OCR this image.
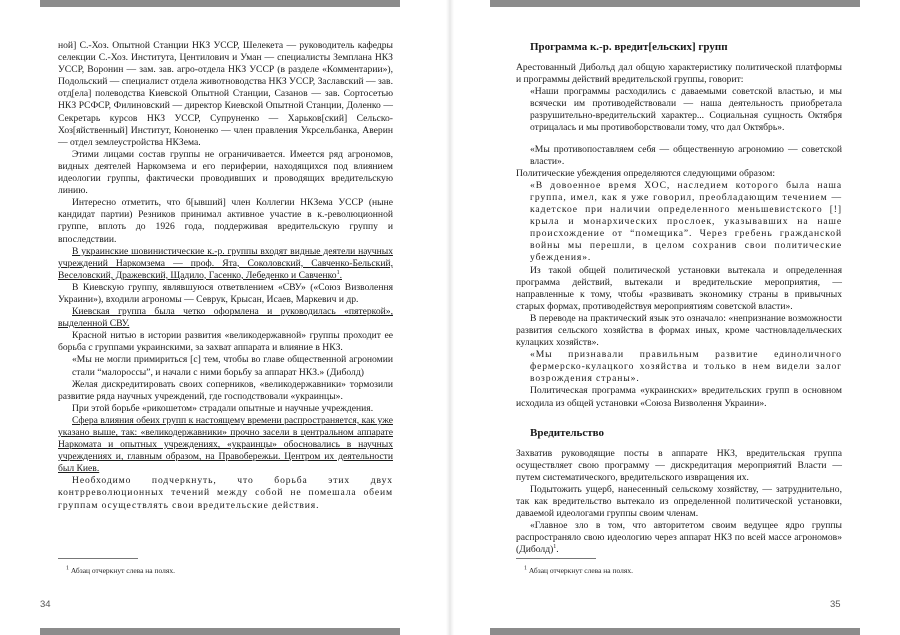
ной] С.-Хоз. Опытной Станции НКЗ УССР, Шелекета — руководитель кафедры селекции С.-Хоз. Института, Центилович и Уман — специалисты Земплана НКЗ УССР, Воронин — зам. зав. агро-отдела НКЗ УССР (в разделе «Комментарии»), Подольский — специалист отдела животноводства НКЗ УССР, Заславский — зав. отд[ела] полеводства Киевской Опытной Станции, Сазанов — зав. Сортосетью НКЗ РСФСР, Филиновский — директор Киевской Опытной Станции, Доленко — Секретарь курсов НКЗ УССР, Супруненко — Харьков[ский] Сельско-Хоз[яйственный] Институт, Кононенко — член правления Укрсельбанка, Аверин — отдел землеустройства НКЗема.

Этими лицами состав группы не ограничивается. Имеется ряд агрономов, видных деятелей Наркомзема и его периферии, находящихся под влиянием идеологии группы, фактически проводивших и проводящих вредительскую линию.

Интересно отметить, что б[ывший] член Коллегии НКЗема УССР (ныне кандидат партии) Резников принимал активное участие в к.-революционной группе, вплоть до 1926 года, поддерживая вредительскую группу и впоследствии.

В украинские шовинистические к.-р. группы входят видные деятели научных учреждений Наркомзема — проф. Ятa, Соколовский, Савченко-Бельский, Веселовский, Дражевский, Щадило, Гасенко, Лебеденко и Савченко$^1$.

В Киевскую группу, являвшуюся ответвлением «СВУ» («Союз Визволення Украини»), входили агрономы — Севрук, Крысан, Исаев, Маркевич и др.

Киевская группа была четко оформлена и руководилась «пятеркой», выделенной СВУ.

Красной нитью в истории развития «великодержавной» группы проходит ее борьба с группами украинскими, за захват аппарата и влияние в НКЗ.

«Мы не могли примириться [с] тем, чтобы во главе общественной агрономии стали “малороссы”, и начали с ними борьбу за аппарат НКЗ.» (Диболд)

Желая дискредитировать своих соперников, «великодержавники» тормозили развитие ряда научных учреждений, где господствовали «украинцы».

При этой борьбе «рикошетом» страдали опытные и научные учреждения.

Сфера влияния обеих групп к настоящему времени распространяется, как уже указано выше, так: «великодержавники» прочно засели в центральном аппарате Наркомата и опытных учреждениях, «украинцы» обосновались в научных учреждениях и, главным образом, на Правобережьи. Центром их деятельности был Киев.

Необходимо подчеркнуть, что борьба этих двух контрреволюционных течений между собой не помешала обеим группам осуществлять свои вредительские действия.

$^1$ Абзац отчеркнут слева на полях.
34
Программа к.-р. вредит[ельских] групп

Арестованный Диболъд дал общую характеристику политической платформы и программы действий вредительской группы, говорит:

«Наши программы расходились с даваемыми советской властью, и мы всячески им противодействовали — наша деятельность приобретала разрушительно-вредительский характер... Социальная сущность Октября отрицалась и мы противоборствовали тому, что дал Октябрь».

«Мы противопоставляем себя — общественную агрономию — советской власти».

Политические убеждения определяются следующими образом:

«В довоенное время ХОС, наследием которого была наша группа, имел, как я уже говорил, преобладающим течением — кадетское при наличии определенного меньшевистского [!] крыла и монархических прослоек, указывавших на наше происхождение от “помещика”. Через гребень гражданской войны мы перешли, в целом сохранив свои политические убеждения».

Из такой общей политической установки вытекала и определенная программа действий, вытекали и вредительские мероприятия, — направленные к тому, чтобы «развивать экономику страны в привычных старых формах, противодействуя мероприятиям советской власти».

В переводе на практический язык это означало: «непризнание возможности развития сельского хозяйства в формах иных, кроме частновладельческих кулацких хозяйств».

«Мы признавали правильным развитие единоличного фермерско-кулацкого хозяйства и только в нем видели залог возрождения страны».

Политическая программа «украинских» вредительских групп в основном исходила из общей установки «Союза Визволення Украини».

Вредительство

Захватив руководящие посты в аппарате НКЗ, вредительская группа осуществляет свою программу — дискредитация мероприятий Власти — путем систематического, вредительского извращения их.

Подытожить ущерб, нанесенный сельскому хозяйству, — затруднительно, так как вредительство вытекало из определенной политической установки, даваемой идеологами группы своим членам.

«Главное зло в том, что авторитетом своим ведущее ядро группы распространяло свою идеологию через аппарат НКЗ по всей массе агрономов» (Диболд)$^1$.

$^1$ Абзац отчеркнут слева на полях.
35
